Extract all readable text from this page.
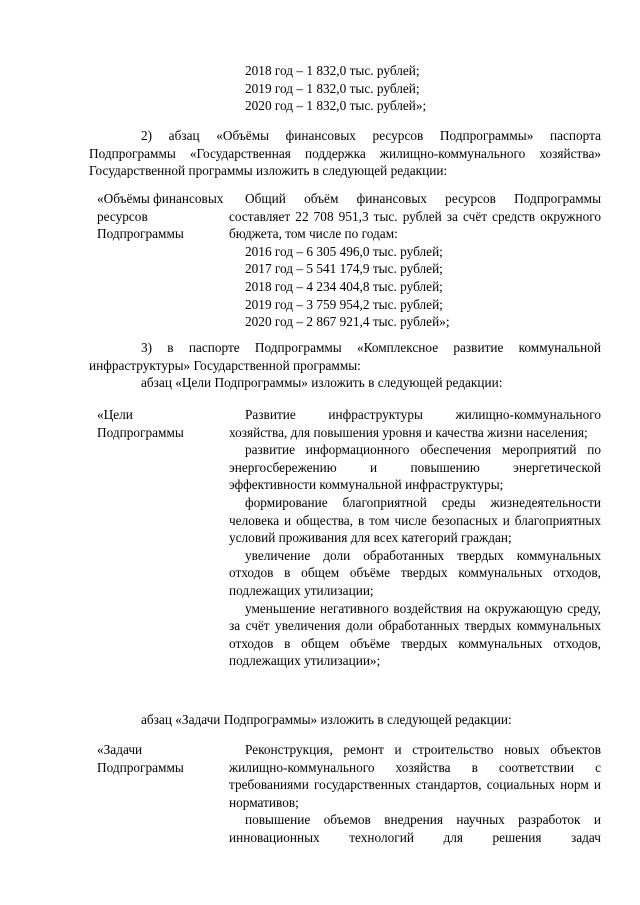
2018 год – 1 832,0 тыс. рублей;
2019 год – 1 832,0 тыс. рублей;
2020 год – 1 832,0 тыс. рублей»;
2) абзац «Объёмы финансовых ресурсов Подпрограммы» паспорта Подпрограммы «Государственная поддержка жилищно-коммунального хозяйства» Государственной программы изложить в следующей редакции:
«Объёмы финансовых ресурсов Подпрограммы
Общий объём финансовых ресурсов Подпрограммы составляет 22 708 951,3 тыс. рублей за счёт средств окружного бюджета, том числе по годам:
2016 год – 6 305 496,0 тыс. рублей;
2017 год – 5 541 174,9 тыс. рублей;
2018 год – 4 234 404,8 тыс. рублей;
2019 год – 3 759 954,2 тыс. рублей;
2020 год – 2 867 921,4 тыс. рублей»;
3) в паспорте Подпрограммы «Комплексное развитие коммунальной инфраструктуры» Государственной программы:
абзац «Цели Подпрограммы» изложить в следующей редакции:
«Цели Подпрограммы
Развитие инфраструктуры жилищно-коммунального хозяйства, для повышения уровня и качества жизни населения;
развитие информационного обеспечения мероприятий по энергосбережению и повышению энергетической эффективности коммунальной инфраструктуры;
формирование благоприятной среды жизнедеятельности человека и общества, в том числе безопасных и благоприятных условий проживания для всех категорий граждан;
увеличение доли обработанных твердых коммунальных отходов в общем объёме твердых коммунальных отходов, подлежащих утилизации;
уменьшение негативного воздействия на окружающую среду, за счёт увеличения доли обработанных твердых коммунальных отходов в общем объёме твердых коммунальных отходов, подлежащих утилизации»;
абзац «Задачи Подпрограммы» изложить в следующей редакции:
«Задачи Подпрограммы
Реконструкция, ремонт и строительство новых объектов жилищно-коммунального хозяйства в соответствии с требованиями государственных стандартов, социальных норм и нормативов;
повышение объемов внедрения научных разработок и инновационных технологий для решения задач
